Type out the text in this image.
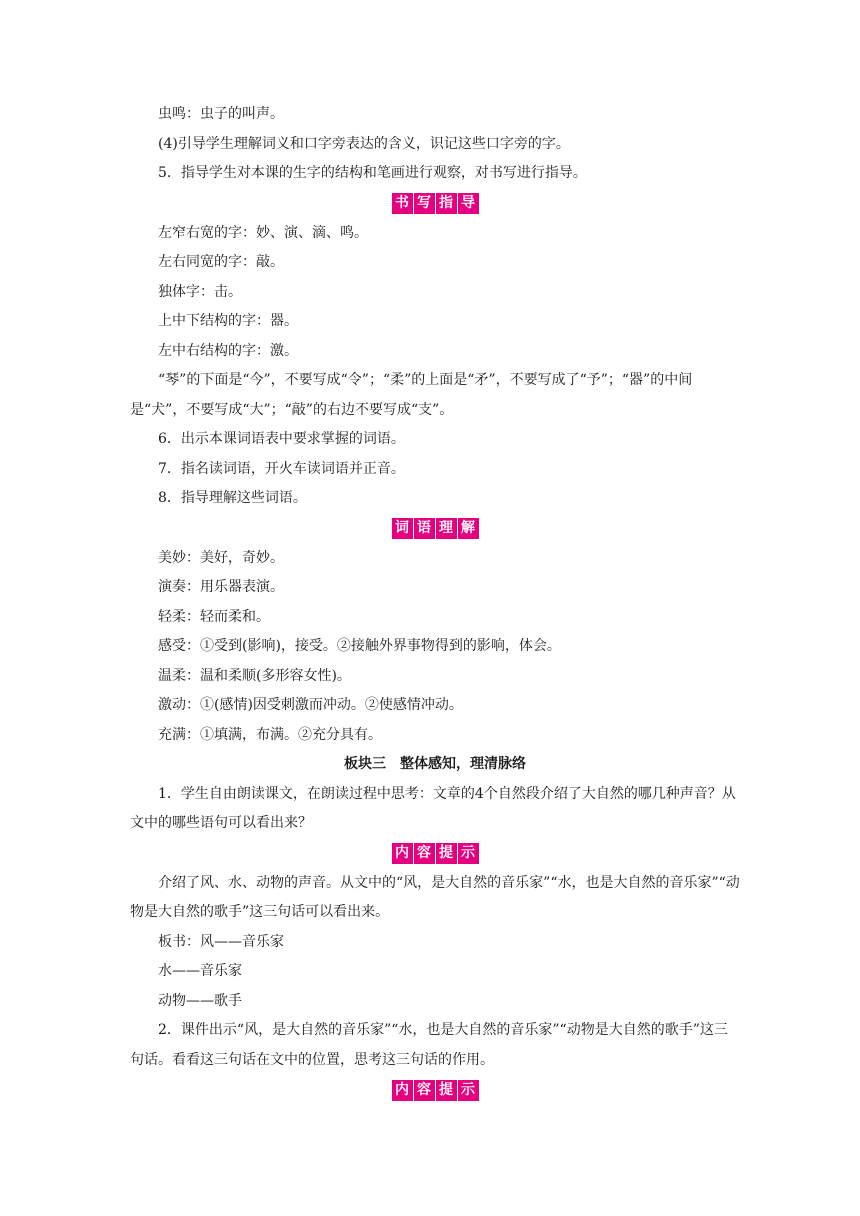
虫鸣：虫子的叫声。
(4)引导学生理解词义和口字旁表达的含义，识记这些口字旁的字。
5．指导学生对本课的生字的结构和笔画进行观察，对书写进行指导。
书 写 指 导
左窄右宽的字：妙、演、滴、鸣。
左右同宽的字：敲。
独体字：击。
上中下结构的字：器。
左中右结构的字：激。
“琴”的下面是“今”，不要写成“令”；“柔”的上面是“矛”，不要写成了“予”；“器”的中间是“犬”，不要写成“大”；“敲”的右边不要写成“支”。
6．出示本课词语表中要求掌握的词语。
7．指名读词语，开火车读词语并正音。
8．指导理解这些词语。
词 语 理 解
美妙：美好，奇妙。
演奏：用乐器表演。
轻柔：轻而柔和。
感受：①受到(影响)，接受。②接触外界事物得到的影响，体会。
温柔：温和柔顺(多形容女性)。
激动：①(感情)因受刺激而冲动。②使感情冲动。
充满：①填满，布满。②充分具有。
板块三　整体感知，理清脉络
1．学生自由朗读课文，在朗读过程中思考：文章的4个自然段介绍了大自然的哪几种声音？从文中的哪些语句可以看出来？
内 容 提 示
介绍了风、水、动物的声音。从文中的“风，是大自然的音乐家”“水，也是大自然的音乐家”“动物是大自然的歌手”这三句话可以看出来。
板书：风——音乐家
水——音乐家
动物——歌手
2．课件出示“风，是大自然的音乐家”“水，也是大自然的音乐家”“动物是大自然的歌手”这三句话。看看这三句话在文中的位置，思考这三句话的作用。
内 容 提 示
